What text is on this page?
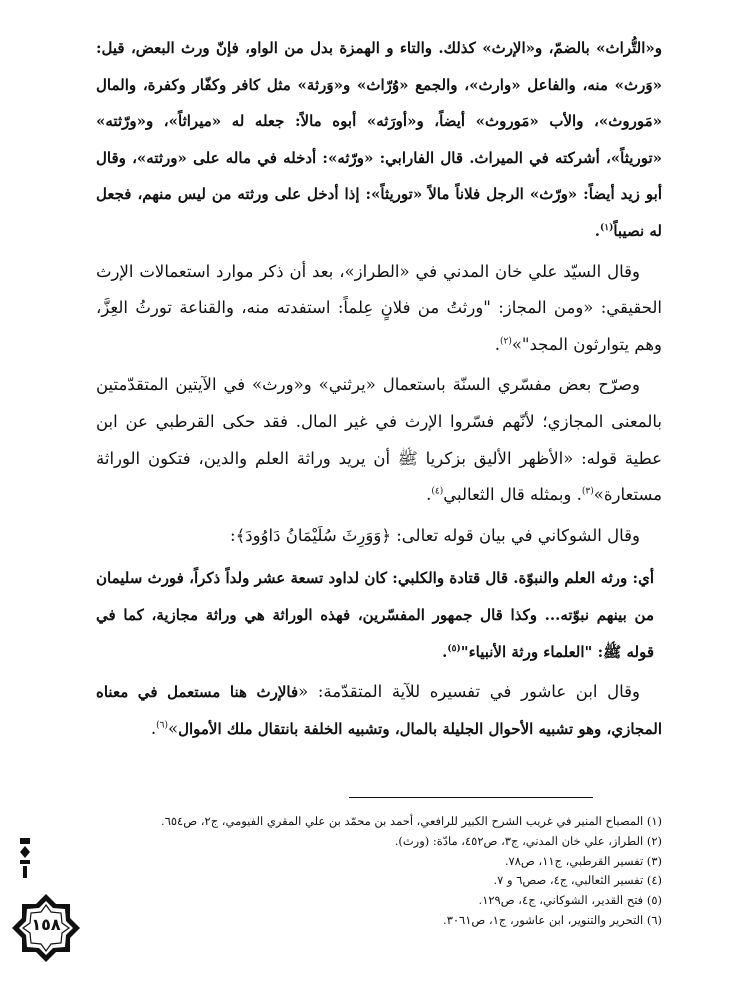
و«التُّراث» بالضمّ، و«الإرث» كذلك. والتاء و الهمزة بدل من الواو، فإنّ ورث البعض، قيل: «وَرث» منه، والفاعل «وارث»، والجمع «وُرّاث» و«وَرثة» مثل كافر وكفّار وكفرة، والمال «مَوروث»، والأب «مَوروث» أيضاً، و«أورَثه» أبوه مالاً: جعله له «ميراثاً»، و«ورّثته» «توريثاً»، أشركته في الميراث. قال الفارابي: «ورّثه»: أدخله في ماله على «ورثته»، وقال أبو زيد أيضاً: «ورّث» الرجل فلاناً مالاً «توريثاً»: إذا أدخل على ورثته من ليس منهم، فجعل له نصيباً$^{(١)}$.

وقال السيّد علي خان المدني في «الطراز»، بعد أن ذكر موارد استعمالات الإرث الحقيقي: «ومن المجاز: "ورثتُ من فلانٍ عِلماً: استفدته منه، والقناعة تورثُ العِزَّ، وهم يتوارثون المجد"»$^{(٢)}$.

وصرّح بعض مفسّري السنّة باستعمال «يرثني» و«ورث» في الآيتين المتقدّمتين بالمعنى المجازي؛ لأنّهم فسّروا الإرث في غير المال. فقد حكى القرطبي عن ابن عطية قوله: «الأظهر الأليق بزكريا ﷺ أن يريد وراثة العلم والدين، فتكون الوراثة مستعارة»$^{(٣)}$. وبمثله قال الثعالبي$^{(٤)}$.

وقال الشوكاني في بيان قوله تعالى: ﴿وَوَرِثَ سُلَيْمَانُ دَاوُودَ﴾:

أي: ورثه العلم والنبوّة. قال قتادة والكلبي: كان لداود تسعة عشر ولداً ذكراً، فورث سليمان من بينهم نبوّته... وكذا قال جمهور المفسّرين، فهذه الوراثة هي وراثة مجازية، كما في قوله ﷺ: "العلماء ورثة الأنبياء"$^{(٥)}$.

وقال ابن عاشور في تفسيره للآية المتقدّمة: «فالإرث هنا مستعمل في معناه المجازي، وهو تشبيه الأحوال الجليلة بالمال، وتشبيه الخلفة بانتقال ملك الأموال»$^{(٦)}$.

(١) المصباح المنير في غريب الشرح الكبير للرافعي، أحمد بن محمّد بن علي المقري الفيومي، ج٢، ص٦٥٤.

(٢) الطراز، علي خان المدني، ج٣، ص٤٥٢، مادّة: (ورث).

(٣) تفسير القرطبي، ج١١، ص٧٨.

(٤) تفسير الثعالبي، ج٤، صص٦ و ٧.

(٥) فتح القدير، الشوكاني، ج٤، ص١٢٩.

(٦) التحرير والتنوير، ابن عاشور، ج١، ص٣٠٦١.

١٥٨
